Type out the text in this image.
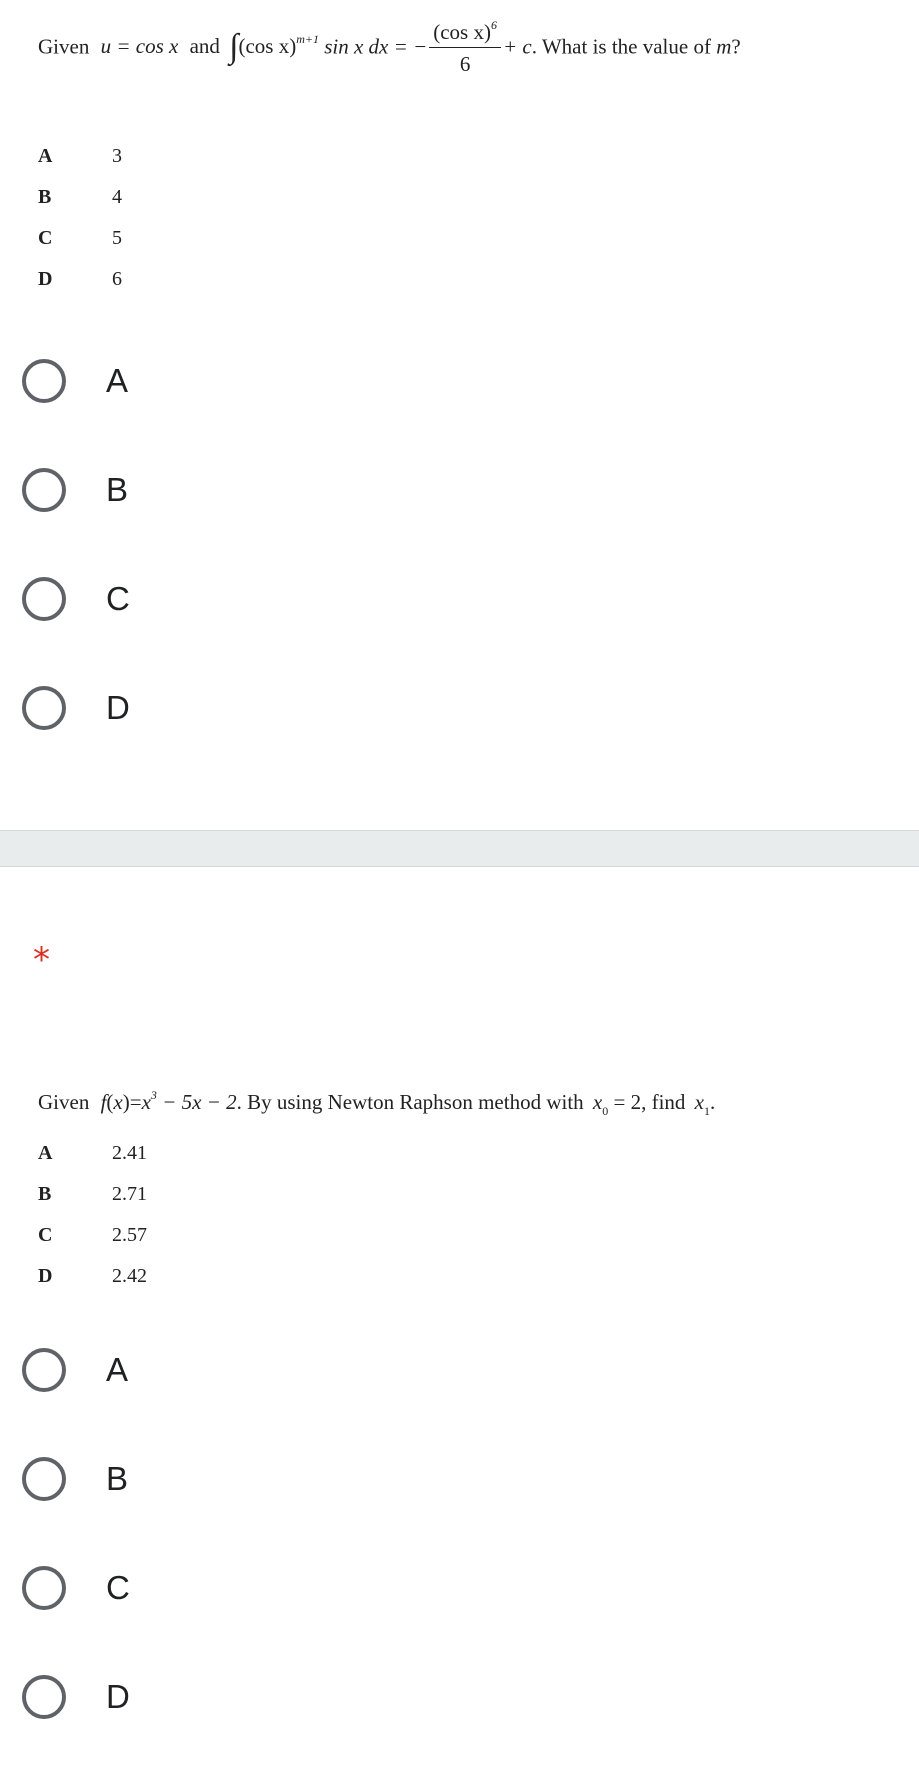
Given u = cos x and ∫(cos x)$^{m+1}$ sin x dx = − $\frac{(\cos x)^6}{6} + c$. What is the value of m?
A	3
B	4
C	5
D	6
A
B
C
D
*
Given $f(x)=x^3 - 5x - 2$. By using Newton Raphson method with $x_0 = 2$, find $x_1$.
A	2.41
B	2.71
C	2.57
D	2.42
A
B
C
D
